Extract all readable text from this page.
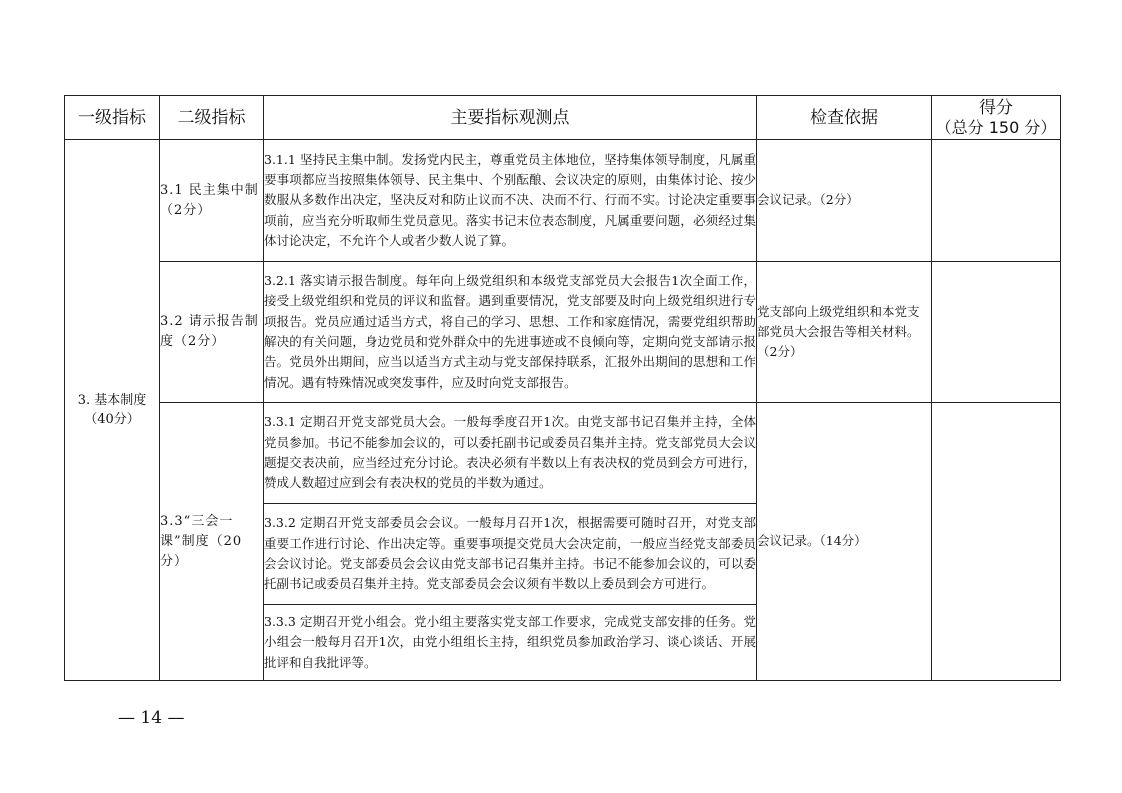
一级指标	二级指标	主要指标观测点	检查依据	得分
（总分 150 分）

3. 基本制度（40分）	3.1 民主集中制（2分）	3.1.1 坚持民主集中制。发扬党内民主，尊重党员主体地位，坚持集体领导制度，凡属重要事项都应当按照集体领导、民主集中、个别酝酿、会议决定的原则，由集体讨论、按少数服从多数作出决定，坚决反对和防止议而不决、决而不行、行而不实。讨论决定重要事项前，应当充分听取师生党员意见。落实书记末位表态制度，凡属重要问题，必须经过集体讨论决定，不允许个人或者少数人说了算。	会议记录。（2分）	
	3.2 请示报告制度（2分）	3.2.1 落实请示报告制度。每年向上级党组织和本级党支部党员大会报告1次全面工作，接受上级党组织和党员的评议和监督。遇到重要情况，党支部要及时向上级党组织进行专项报告。党员应通过适当方式，将自己的学习、思想、工作和家庭情况，需要党组织帮助解决的有关问题，身边党员和党外群众中的先进事迹或不良倾向等，定期向党支部请示报告。党员外出期间，应当以适当方式主动与党支部保持联系，汇报外出期间的思想和工作情况。遇有特殊情况或突发事件，应及时向党支部报告。	党支部向上级党组织和本党支部党员大会报告等相关材料。（2分）	
	3.3“三会一课”制度（20分）	3.3.1 定期召开党支部党员大会。一般每季度召开1次。由党支部书记召集并主持，全体党员参加。书记不能参加会议的，可以委托副书记或委员召集并主持。党支部党员大会议题提交表决前，应当经过充分讨论。表决必须有半数以上有表决权的党员到会方可进行，赞成人数超过应到会有表决权的党员的半数为通过。	会议记录。（14分）	
		3.3.2 定期召开党支部委员会会议。一般每月召开1次，根据需要可随时召开，对党支部重要工作进行讨论、作出决定等。重要事项提交党员大会决定前，一般应当经党支部委员会会议讨论。党支部委员会会议由党支部书记召集并主持。书记不能参加会议的，可以委托副书记或委员召集并主持。党支部委员会会议须有半数以上委员到会方可进行。		
		3.3.3 定期召开党小组会。党小组主要落实党支部工作要求，完成党支部安排的任务。党小组会一般每月召开1次，由党小组组长主持，组织党员参加政治学习、谈心谈话、开展批评和自我批评等。		
— 14 —
